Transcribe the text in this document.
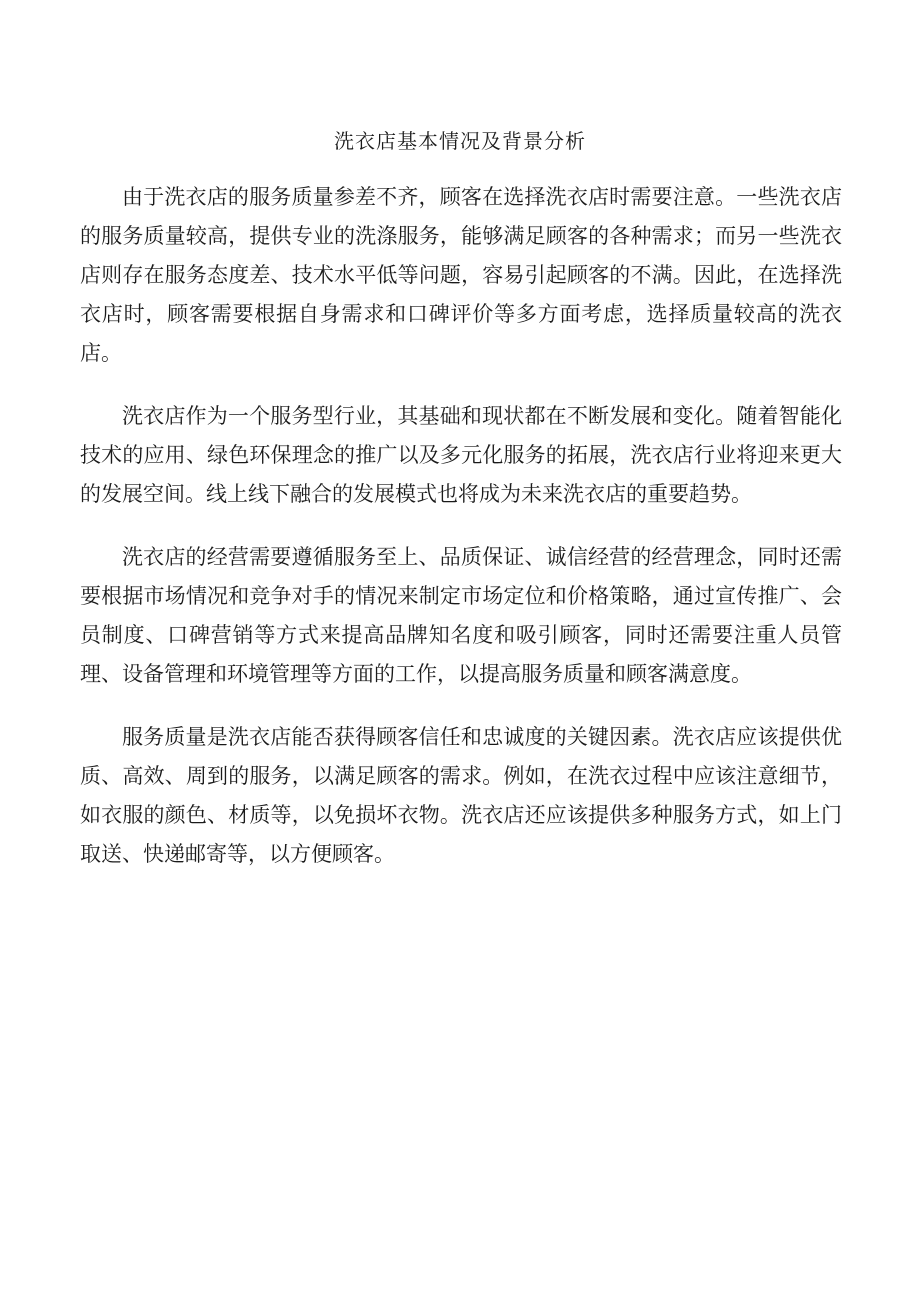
洗衣店基本情况及背景分析

由于洗衣店的服务质量参差不齐，顾客在选择洗衣店时需要注意。一些洗衣店的服务质量较高，提供专业的洗涤服务，能够满足顾客的各种需求；而另一些洗衣店则存在服务态度差、技术水平低等问题，容易引起顾客的不满。因此，在选择洗衣店时，顾客需要根据自身需求和口碑评价等多方面考虑，选择质量较高的洗衣店。

洗衣店作为一个服务型行业，其基础和现状都在不断发展和变化。随着智能化技术的应用、绿色环保理念的推广以及多元化服务的拓展，洗衣店行业将迎来更大的发展空间。线上线下融合的发展模式也将成为未来洗衣店的重要趋势。

洗衣店的经营需要遵循服务至上、品质保证、诚信经营的经营理念，同时还需要根据市场情况和竞争对手的情况来制定市场定位和价格策略，通过宣传推广、会员制度、口碑营销等方式来提高品牌知名度和吸引顾客，同时还需要注重人员管理、设备管理和环境管理等方面的工作，以提高服务质量和顾客满意度。

服务质量是洗衣店能否获得顾客信任和忠诚度的关键因素。洗衣店应该提供优质、高效、周到的服务，以满足顾客的需求。例如，在洗衣过程中应该注意细节，如衣服的颜色、材质等，以免损坏衣物。洗衣店还应该提供多种服务方式，如上门取送、快递邮寄等，以方便顾客。
